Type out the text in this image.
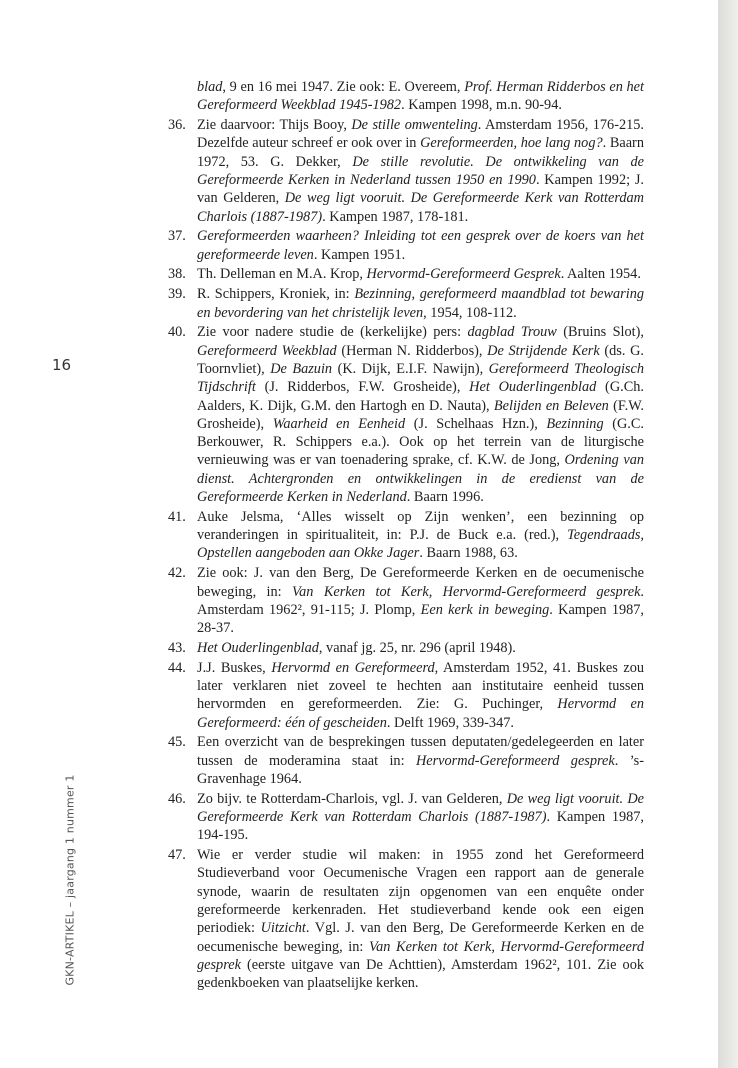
16
GKN-ARTIKEL – jaargang 1 nummer 1
blad, 9 en 16 mei 1947. Zie ook: E. Overeem, Prof. Herman Ridderbos en het Gereformeerd Weekblad 1945-1982. Kampen 1998, m.n. 90-94.
36. Zie daarvoor: Thijs Booy, De stille omwenteling. Amsterdam 1956, 176-215. Dezelfde auteur schreef er ook over in Gereformeerden, hoe lang nog?. Baarn 1972, 53. G. Dekker, De stille revolutie. De ontwikkeling van de Gereformeerde Kerken in Nederland tussen 1950 en 1990. Kampen 1992; J. van Gelderen, De weg ligt vooruit. De Gereformeerde Kerk van Rotterdam Charlois (1887-1987). Kampen 1987, 178-181.
37. Gereformeerden waarheen? Inleiding tot een gesprek over de koers van het gereformeerde leven. Kampen 1951.
38. Th. Delleman en M.A. Krop, Hervormd-Gereformeerd Gesprek. Aalten 1954.
39. R. Schippers, Kroniek, in: Bezinning, gereformeerd maandblad tot bewaring en bevordering van het christelijk leven, 1954, 108-112.
40. Zie voor nadere studie de (kerkelijke) pers: dagblad Trouw (Bruins Slot), Gereformeerd Weekblad (Herman N. Ridderbos), De Strijdende Kerk (ds. G. Toornvliet), De Bazuin (K. Dijk, E.I.F. Nawijn), Gereformeerd Theologisch Tijdschrift (J. Ridderbos, F.W. Grosheide), Het Ouderlingenblad (G.Ch. Aalders, K. Dijk, G.M. den Hartogh en D. Nauta), Belijden en Beleven (F.W. Grosheide), Waarheid en Eenheid (J. Schelhaas Hzn.), Bezinning (G.C. Berkouwer, R. Schippers e.a.). Ook op het terrein van de liturgische vernieuwing was er van toenadering sprake, cf. K.W. de Jong, Ordening van dienst. Achtergronden en ontwikkelingen in de eredienst van de Gereformeerde Kerken in Nederland. Baarn 1996.
41. Auke Jelsma, ‘Alles wisselt op Zijn wenken’, een bezinning op veranderingen in spiritualiteit, in: P.J. de Buck e.a. (red.), Tegendraads, Opstellen aangeboden aan Okke Jager. Baarn 1988, 63.
42. Zie ook: J. van den Berg, De Gereformeerde Kerken en de oecumenische beweging, in: Van Kerken tot Kerk, Hervormd-Gereformeerd gesprek. Amsterdam 1962², 91-115; J. Plomp, Een kerk in beweging. Kampen 1987, 28-37.
43. Het Ouderlingenblad, vanaf jg. 25, nr. 296 (april 1948).
44. J.J. Buskes, Hervormd en Gereformeerd, Amsterdam 1952, 41. Buskes zou later verklaren niet zoveel te hechten aan institutaire eenheid tussen hervormden en gereformeerden. Zie: G. Puchinger, Hervormd en Gereformeerd: één of gescheiden. Delft 1969, 339-347.
45. Een overzicht van de besprekingen tussen deputaten/gedelegeerden en later tussen de moderamina staat in: Hervormd-Gereformeerd gesprek. ’s-Gravenhage 1964.
46. Zo bijv. te Rotterdam-Charlois, vgl. J. van Gelderen, De weg ligt vooruit. De Gereformeerde Kerk van Rotterdam Charlois (1887-1987). Kampen 1987, 194-195.
47. Wie er verder studie wil maken: in 1955 zond het Gereformeerd Studieverband voor Oecumenische Vragen een rapport aan de generale synode, waarin de resultaten zijn opgenomen van een enquête onder gereformeerde kerkenraden. Het studieverband kende ook een eigen periodiek: Uitzicht. Vgl. J. van den Berg, De Gereformeerde Kerken en de oecumenische beweging, in: Van Kerken tot Kerk, Hervormd-Gereformeerd gesprek (eerste uitgave van De Achttien), Amsterdam 1962², 101. Zie ook gedenkboeken van plaatselijke kerken.
